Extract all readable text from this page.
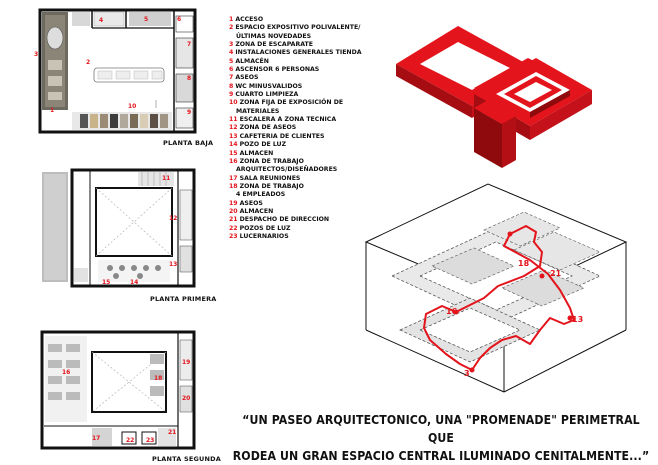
1
2
3
4	5	6
7
8
9
10
PLANTA BAJA
11
12
13
14
15
PLANTA PRIMERA
16
17
18
19
20
21
22 23
PLANTA SEGUNDA
1 ACCESO
2 ESPACIO EXPOSITIVO POLIVALENTE/
ÚLTIMAS NOVEDADES
3 ZONA DE ESCAPARATE
4 INSTALACIONES GENERALES TIENDA
5 ALMACÉN
6 ASCENSOR 6 PERSONAS
7 ASEOS
8 WC MINUSVALIDOS
9 CUARTO LIMPIEZA
10 ZONA FIJA DE EXPOSICIÓN DE
MATERIALES
11 ESCALERA A ZONA TECNICA
12 ZONA DE ASEOS
13 CAFETERIA DE CLIENTES
14 POZO DE LUZ
15 ALMACEN
16 ZONA DE TRABAJO
ARQUITECTOS/DISEÑADORES
17 SALA REUNIONES
18 ZONA DE TRABAJO
4 EMPLEADOS
19 ASEOS
20 ALMACEN
21 DESPACHO DE DIRECCION
22 POZOS DE LUZ
23 LUCERNARIOS
18
21
16
13
3
“UN PASEO ARQUITECTONICO, UNA "PROMENADE" PERIMETRAL QUE
RODEA UN GRAN ESPACIO CENTRAL ILUMINADO CENITALMENTE...”
